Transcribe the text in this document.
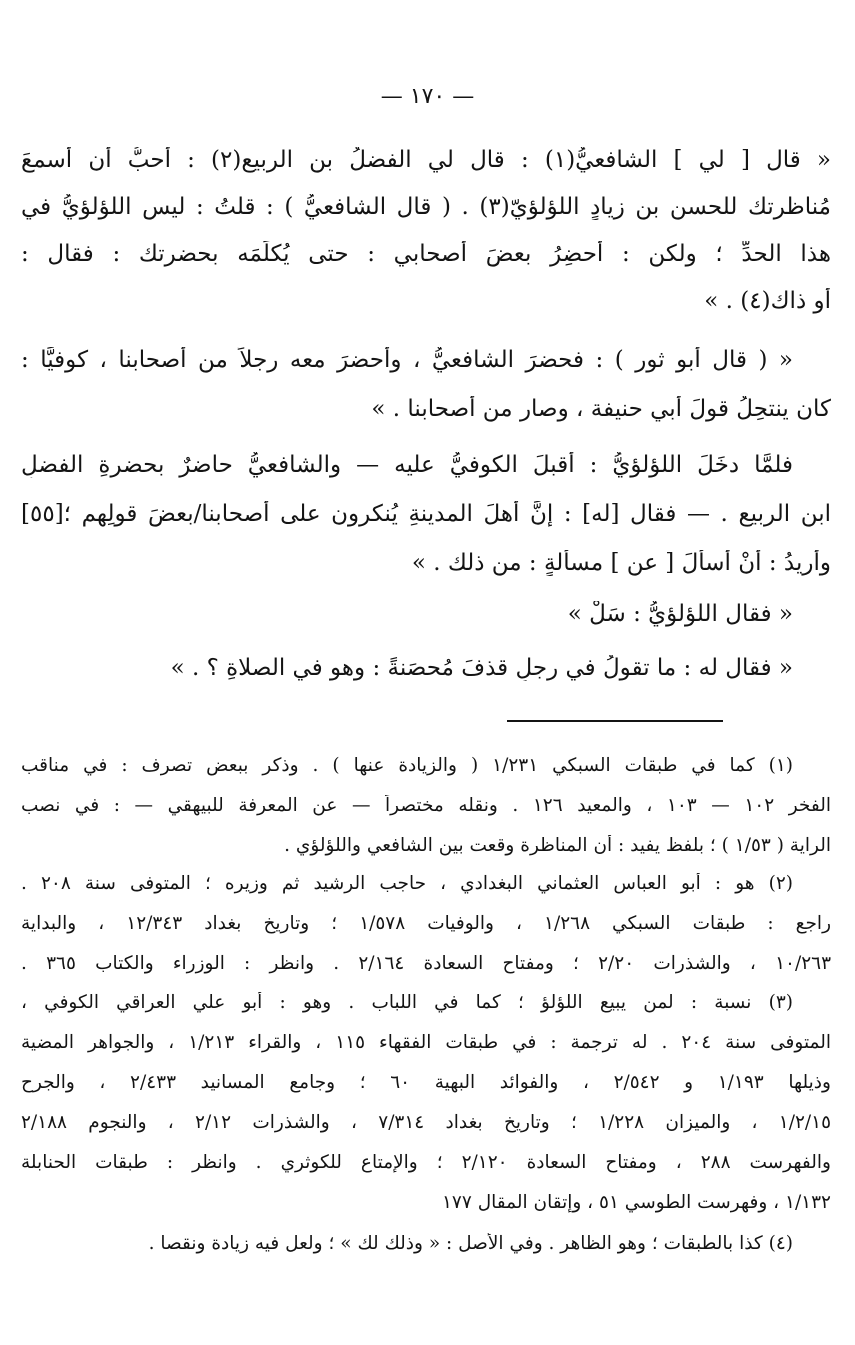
— ١٧٠ —
« قال [ لي ] الشافعيُّ(١) : قال لي الفضلُ بن الربيع(٢) : أُحبُّ أن أسمعَ
مُناظرتك للحسن بن زيادٍ اللؤلؤيّ(٣) . ( قال الشافعيُّ ) : قلتُ : ليس اللؤلؤيُّ في
هذا الحدِّ ؛ ولكن : أُحضِرُ بعضَ أصحابي : حتى يُكلِّمَه بحضرتك : فقال :
أو ذاك(٤) . »
« ( قال أبو ثور ) : فحضرَ الشافعيُّ ، وأحضرَ معه رجلاً من أصحابنا ، كوفيًّا :
كان ينتحِلُ قولَ أبي حنيفة ، وصار من أصحابنا . »
فلمَّا دخَلَ اللؤلؤيُّ : أقبلَ الكوفيُّ عليه — والشافعيُّ حاضرٌ بحضرةِ الفضلِ
ابن الربيع . — فقال [له] : إنَّ أهلَ المدينةِ يُنكرون على أصحابنا/بعضَ قولِهم ؛[٥٥]
وأُريدُ : أنْ أسألَ [ عن ] مسألةٍ : من ذلك . »
« فقال اللؤلؤيُّ : سَلْ »
« فقال له : ما تقولُ في رجلٍ قذفَ مُحصَنةً : وهو في الصلاةِ ؟ . »
(١) كما في طبقات السبكي ١/٢٣١ ( والزيادة عنها ) . وذكر ببعض تصرف : في مناقب
الفخر ١٠٢ — ١٠٣ ، والمعيد ١٢٦ . ونقله مختصراً — عن المعرفة للبيهقي — : في نصب
الراية ( ١/٥٣ ) ؛ بلفظ يفيد : أن المناظرة وقعت بين الشافعي واللؤلؤي .
(٢) هو : أبو العباس العثماني البغدادي ، حاجب الرشيد ثم وزيره ؛ المتوفى سنة ٢٠٨ .
راجع : طبقات السبكي ١/٢٦٨ ، والوفيات ١/٥٧٨ ؛ وتاريخ بغداد ١٢/٣٤٣ ، والبداية
١٠/٢٦٣ ، والشذرات ٢/٢٠ ؛ ومفتاح السعادة ٢/١٦٤ . وانظر : الوزراء والكتاب ٣٦٥ .
(٣) نسبة : لمن يبيع اللؤلؤ ؛ كما في اللباب . وهو : أبو علي العراقي الكوفي ،
المتوفى سنة ٢٠٤ . له ترجمة : في طبقات الفقهاء ١١٥ ، والقراء ١/٢١٣ ، والجواهر المضية
وذيلها ١/١٩٣ و ٢/٥٤٢ ، والفوائد البهية ٦٠ ؛ وجامع المسانيد ٢/٤٣٣ ، والجرح
١/٢/١٥ ، والميزان ١/٢٢٨ ؛ وتاريخ بغداد ٧/٣١٤ ، والشذرات ٢/١٢ ، والنجوم ٢/١٨٨
والفهرست ٢٨٨ ، ومفتاح السعادة ٢/١٢٠ ؛ والإمتاع للكوثري . وانظر : طبقات الحنابلة
١/١٣٢ ، وفهرست الطوسي ٥١ ، وإتقان المقال ١٧٧
(٤) كذا بالطبقات ؛ وهو الظاهر . وفي الأصل : « وذلك لك » ؛ ولعل فيه زيادة ونقصا .
